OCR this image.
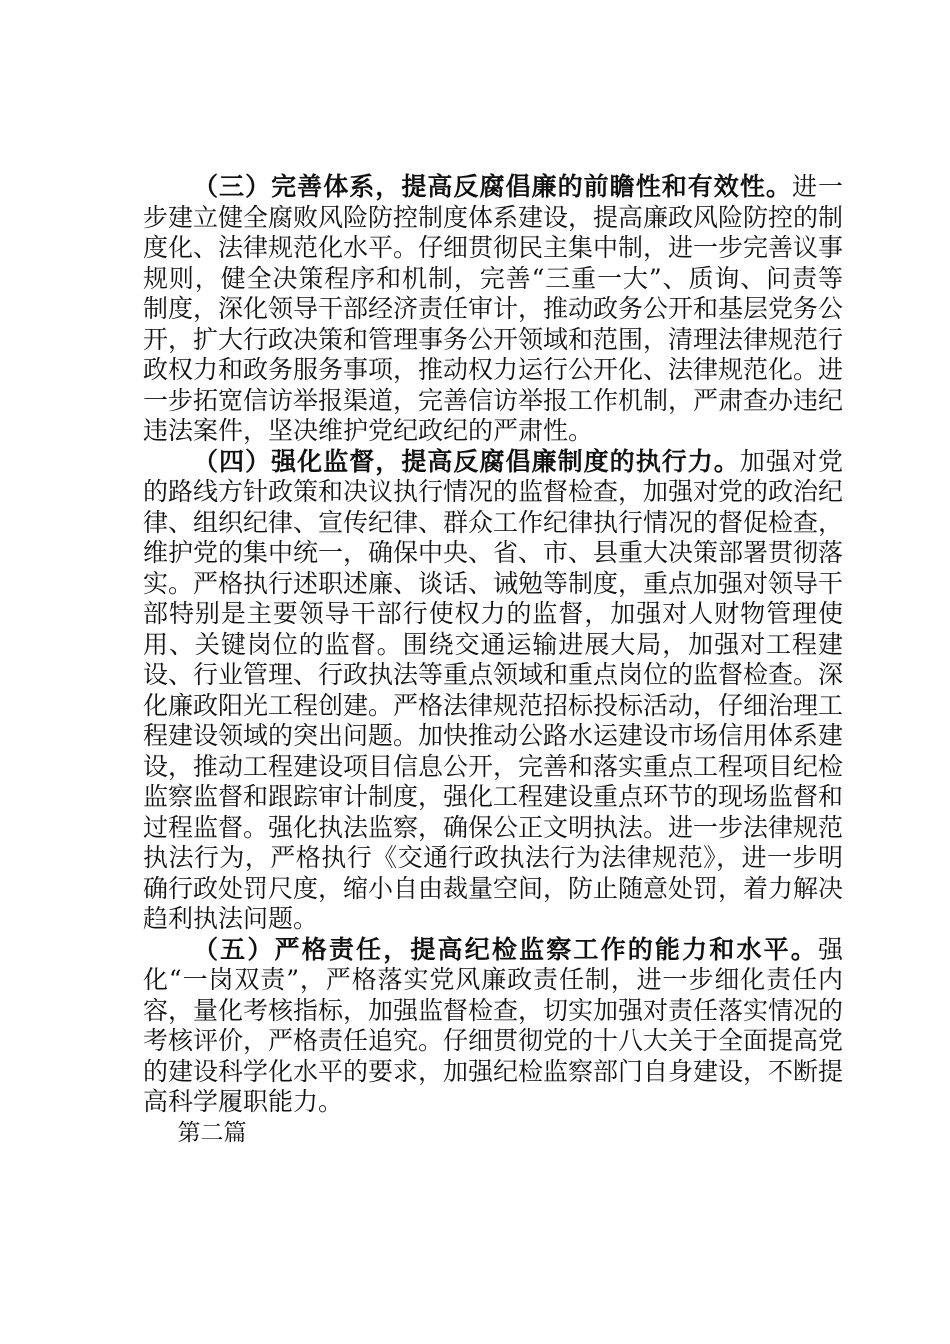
（三）完善体系，提高反腐倡廉的前瞻性和有效性。进一步建立健全腐败风险防控制度体系建设，提高廉政风险防控的制度化、法律规范化水平。仔细贯彻民主集中制，进一步完善议事规则，健全决策程序和机制，完善“三重一大”、质询、问责等制度，深化领导干部经济责任审计，推动政务公开和基层党务公开，扩大行政决策和管理事务公开领域和范围，清理法律规范行政权力和政务服务事项，推动权力运行公开化、法律规范化。进一步拓宽信访举报渠道，完善信访举报工作机制，严肃查办违纪违法案件，坚决维护党纪政纪的严肃性。

（四）强化监督，提高反腐倡廉制度的执行力。加强对党的路线方针政策和决议执行情况的监督检查，加强对党的政治纪律、组织纪律、宣传纪律、群众工作纪律执行情况的督促检查，维护党的集中统一，确保中央、省、市、县重大决策部署贯彻落实。严格执行述职述廉、谈话、诫勉等制度，重点加强对领导干部特别是主要领导干部行使权力的监督，加强对人财物管理使用、关键岗位的监督。围绕交通运输进展大局，加强对工程建设、行业管理、行政执法等重点领域和重点岗位的监督检查。深化廉政阳光工程创建。严格法律规范招标投标活动，仔细治理工程建设领域的突出问题。加快推动公路水运建设市场信用体系建设，推动工程建设项目信息公开，完善和落实重点工程项目纪检监察监督和跟踪审计制度，强化工程建设重点环节的现场监督和过程监督。强化执法监察，确保公正文明执法。进一步法律规范执法行为，严格执行《交通行政执法行为法律规范》，进一步明确行政处罚尺度，缩小自由裁量空间，防止随意处罚，着力解决趋利执法问题。

（五）严格责任，提高纪检监察工作的能力和水平。强化“一岗双责”，严格落实党风廉政责任制，进一步细化责任内容，量化考核指标，加强监督检查，切实加强对责任落实情况的考核评价，严格责任追究。仔细贯彻党的十八大关于全面提高党的建设科学化水平的要求，加强纪检监察部门自身建设，不断提高科学履职能力。

第二篇
